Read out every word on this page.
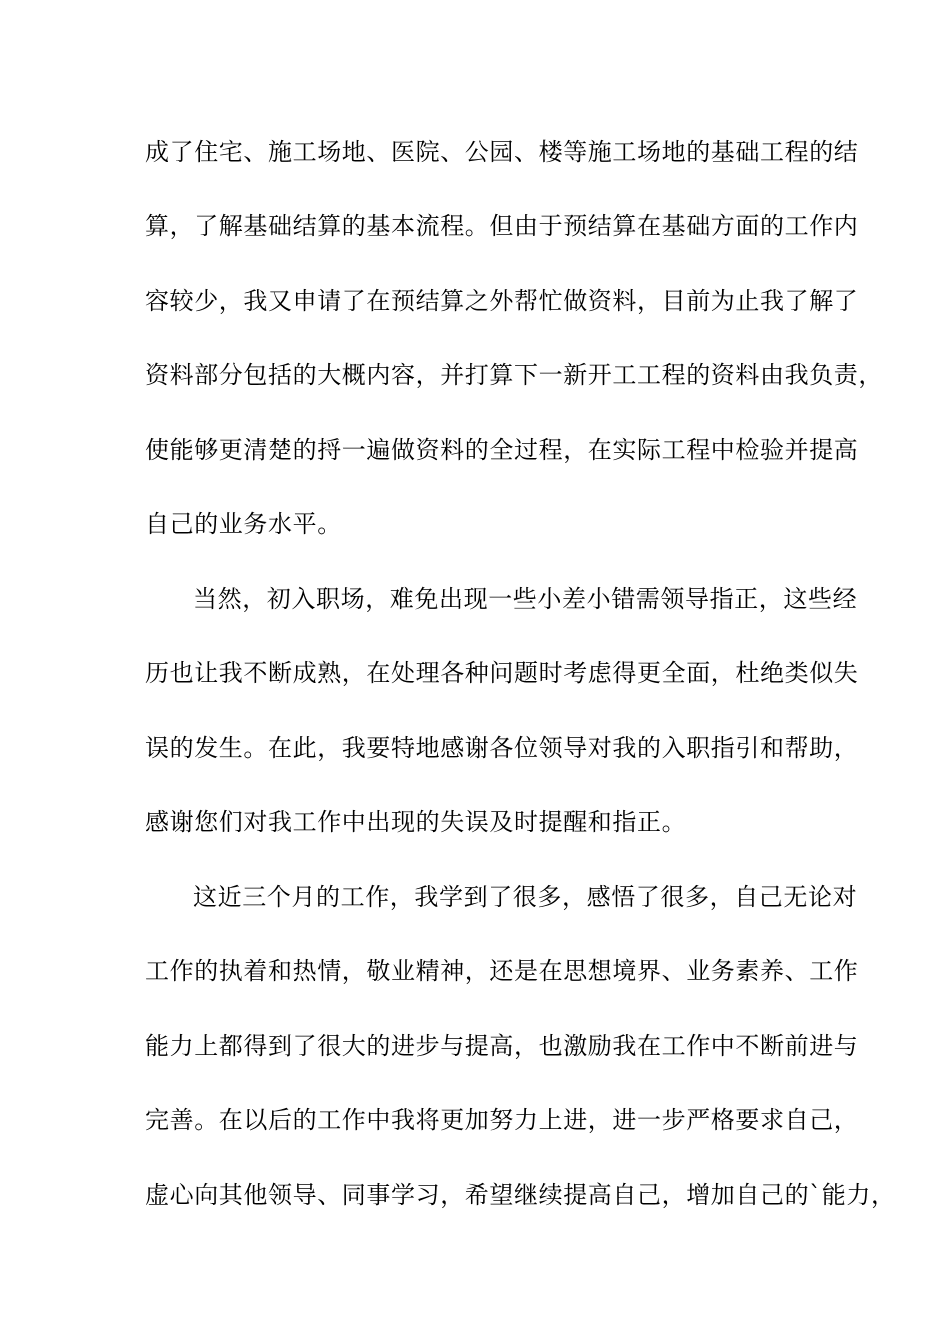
成了住宅、施工场地、医院、公园、楼等施工场地的基础工程的结
算，了解基础结算的基本流程。但由于预结算在基础方面的工作内
容较少，我又申请了在预结算之外帮忙做资料，目前为止我了解了
资料部分包括的大概内容，并打算下一新开工工程的资料由我负责，
使能够更清楚的捋一遍做资料的全过程，在实际工程中检验并提高
自己的业务水平。
当然，初入职场，难免出现一些小差小错需领导指正，这些经
历也让我不断成熟，在处理各种问题时考虑得更全面，杜绝类似失
误的发生。在此，我要特地感谢各位领导对我的入职指引和帮助，
感谢您们对我工作中出现的失误及时提醒和指正。
这近三个月的工作，我学到了很多，感悟了很多，自己无论对
工作的执着和热情，敬业精神，还是在思想境界、业务素养、工作
能力上都得到了很大的进步与提高，也激励我在工作中不断前进与
完善。在以后的工作中我将更加努力上进，进一步严格要求自己，
虚心向其他领导、同事学习，希望继续提高自己，增加自己的`能力，
